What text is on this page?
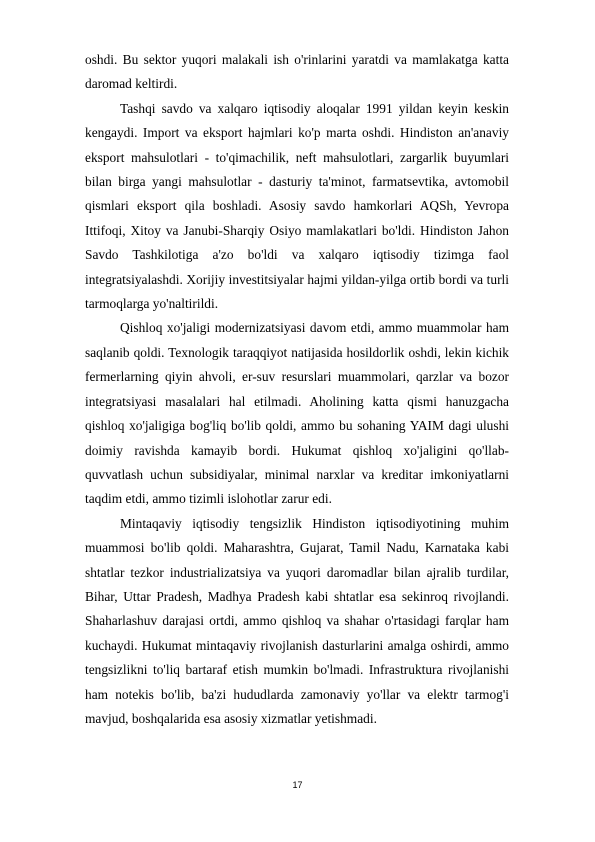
oshdi. Bu sektor yuqori malakali ish o'rinlarini yaratdi va mamlakatga katta daromad keltirdi.

Tashqi savdo va xalqaro iqtisodiy aloqalar 1991 yildan keyin keskin kengaydi. Import va eksport hajmlari ko'p marta oshdi. Hindiston an'anaviy eksport mahsulotlari - to'qimachilik, neft mahsulotlari, zargarlik buyumlari bilan birga yangi mahsulotlar - dasturiy ta'minot, farmatsevtika, avtomobil qismlari eksport qila boshladi. Asosiy savdo hamkorlari AQSh, Yevropa Ittifoqi, Xitoy va Janubi-Sharqiy Osiyo mamlakatlari bo'ldi. Hindiston Jahon Savdo Tashkilotiga a'zo bo'ldi va xalqaro iqtisodiy tizimga faol integratsiyalashdi. Xorijiy investitsiyalar hajmi yildan-yilga ortib bordi va turli tarmoqlarga yo'naltirildi.

Qishloq xo'jaligi modernizatsiyasi davom etdi, ammo muammolar ham saqlanib qoldi. Texnologik taraqqiyot natijasida hosildorlik oshdi, lekin kichik fermerlarning qiyin ahvoli, er-suv resurslari muammolari, qarzlar va bozor integratsiyasi masalalari hal etilmadi. Aholining katta qismi hanuzgacha qishloq xo'jaligiga bog'liq bo'lib qoldi, ammo bu sohaning YAIM dagi ulushi doimiy ravishda kamayib bordi. Hukumat qishloq xo'jaligini qo'llab-quvvatlash uchun subsidiyalar, minimal narxlar va kreditar imkoniyatlarni taqdim etdi, ammo tizimli islohotlar zarur edi.

Mintaqaviy iqtisodiy tengsizlik Hindiston iqtisodiyotining muhim muammosi bo'lib qoldi. Maharashtra, Gujarat, Tamil Nadu, Karnataka kabi shtatlar tezkor industrializatsiya va yuqori daromadlar bilan ajralib turdilar, Bihar, Uttar Pradesh, Madhya Pradesh kabi shtatlar esa sekinroq rivojlandi. Shaharlashuv darajasi ortdi, ammo qishloq va shahar o'rtasidagi farqlar ham kuchaydi. Hukumat mintaqaviy rivojlanish dasturlarini amalga oshirdi, ammo tengsizlikni to'liq bartaraf etish mumkin bo'lmadi. Infrastruktura rivojlanishi ham notekis bo'lib, ba'zi hududlarda zamonaviy yo'llar va elektr tarmog'i mavjud, boshqalarida esa asosiy xizmatlar yetishmadi.

17
